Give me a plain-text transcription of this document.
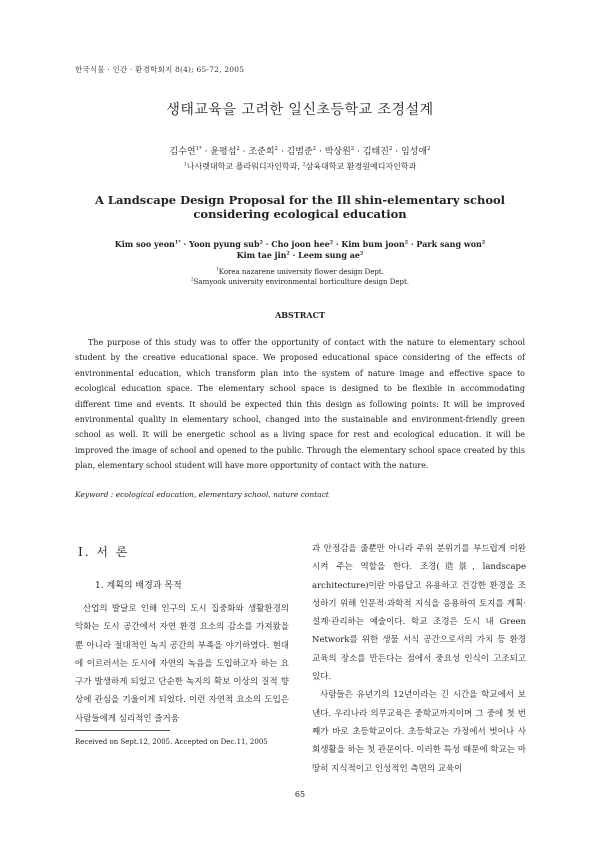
한국식물 · 인간 · 환경학회지 8(4); 65-72, 2005
생태교육을 고려한 일신초등학교 조경설계
김수연$^{1*}$ · 윤평섭$^2$ · 조준희$^2$ · 김범준$^2$ · 박상원$^2$ · 김태진$^2$ · 임성애$^2$
$^1$나사렛대학교 플라워디자인학과, $^2$삼육대학교 환경원예디자인학과
A Landscape Design Proposal for the Ill shin-elementary school considering ecological education
Kim soo yeon$^{1*}$ · Yoon pyung sub$^2$ · Cho joon hee$^2$ · Kim bum joon$^2$ · Park sang won$^2$
Kim tae jin$^2$ · Leem sung $ae^2$
$^1$Korea nazarene university flower design Dept.
$^2$Samyook university environmental horticulture design Dept.
ABSTRACT
The purpose of this study was to offer the opportunity of contact with the nature to elementary school student by the creative educational space. We proposed educational space considering of the effects of environmental education, which transform plan into the system of nature image and effective space to ecological education space. The elementary school space is designed to be flexible in accommodating different time and events. It should be expected thin this design as following points: It will be improved environmental quality in elementary school, changed into the sustainable and environment-friendly green school as well. It will be energetic school as a living space for rest and ecological education. it will be improved the image of school and opened to the public. Through the elementary school space created by this plan, elementary school student will have more opportunity of contact with the nature.
Keyword : ecological education, elementary school, nature contact
Ⅰ. 서 론
1. 계획의 배경과 목적
산업의 발달로 인해 인구의 도시 집중화와 생활환경의 악화는 도시 공간에서 자연 환경 요소의 감소를 가져왔을 뿐 아니라 절대적인 녹지 공간의 부족을 야기하였다. 현대에 이르러서는 도시에 자연의 녹음을 도입하고자 하는 요구가 발생하게 되었고 단순한 녹지의 확보 이상의 질적 향상에 관심을 기울이게 되었다. 이런 자연적 요소의 도입은 사람들에게 심리적인 즐거움
Received on Sept.12, 2005. Accepted on Dec.11, 2005

과 안정감을 줄뿐만 아니라 주위 분위기를 부드럽게 이완시켜 주는 역할을 한다. 조경(造景, landscape architecture)이란 아름답고 유용하고 건강한 환경을 조성하기 위해 인문적·과학적 지식을 응용하여 토지를 계획·설계·관리하는 예술이다. 학교 조경은 도시 내 Green Network를 위한 생물 서식 공간으로서의 가치 등 환경 교육의 장소를 만든다는 점에서 중요성 인식이 고조되고 있다.

사람들은 유년기의 12년이라는 긴 시간을 학교에서 보낸다. 우리나라 의무교육은 중학교까지이며 그 중에 첫 번째가 바로 초등학교이다. 초등학교는 가정에서 벗어나 사회생활을 하는 첫 관문이다. 이러한 특성 때문에 학교는 마땅히 지식적이고 인성적인 측면의 교육이

65
